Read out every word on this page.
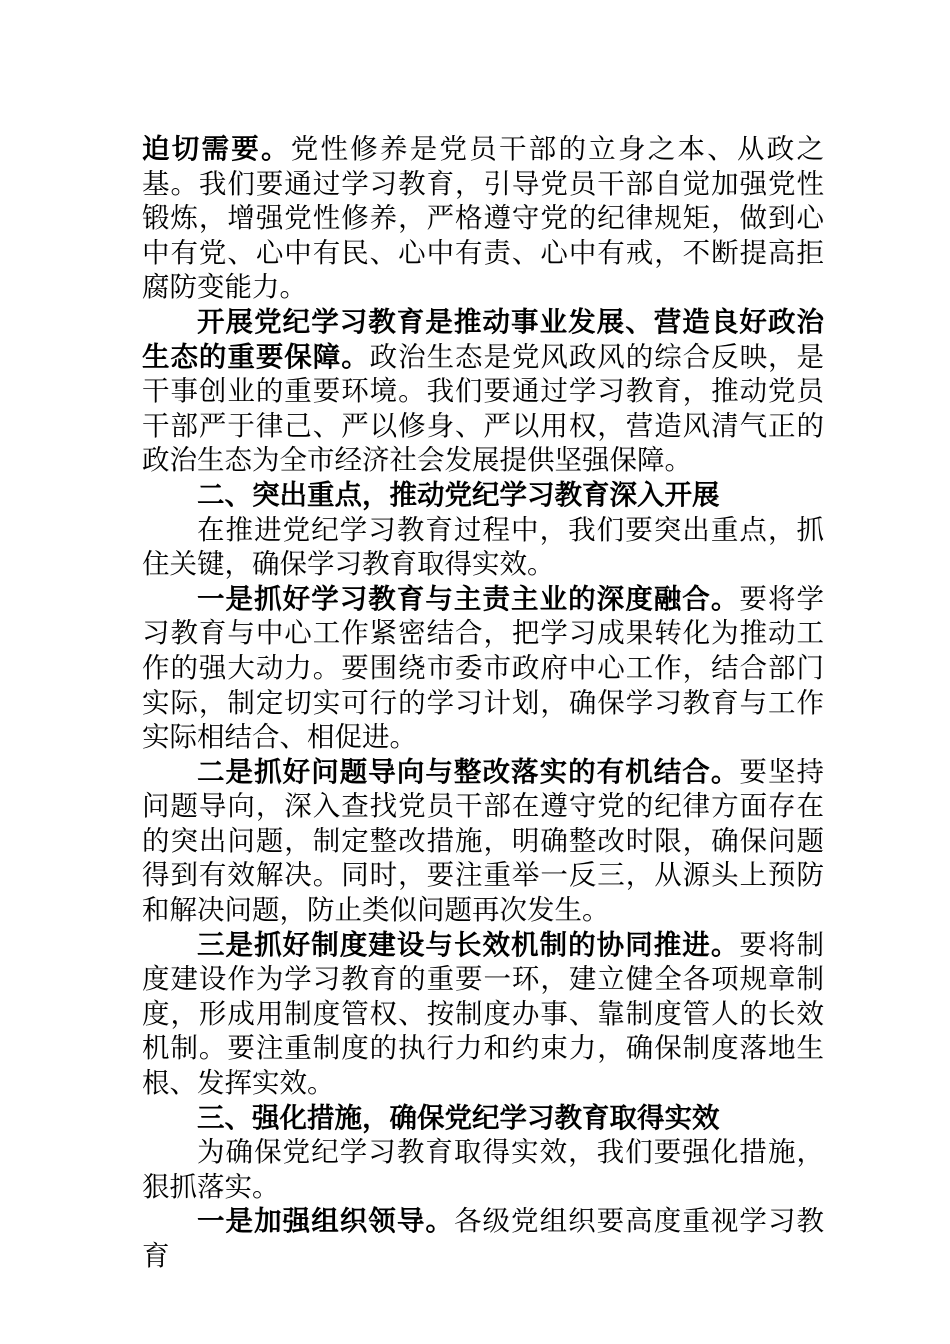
迫切需要。党性修养是党员干部的立身之本、从政之基。我们要通过学习教育，引导党员干部自觉加强党性锻炼，增强党性修养，严格遵守党的纪律规矩，做到心中有党、心中有民、心中有责、心中有戒，不断提高拒腐防变能力。

开展党纪学习教育是推动事业发展、营造良好政治生态的重要保障。政治生态是党风政风的综合反映，是干事创业的重要环境。我们要通过学习教育，推动党员干部严于律己、严以修身、严以用权，营造风清气正的政治生态为全市经济社会发展提供坚强保障。

二、突出重点，推动党纪学习教育深入开展

在推进党纪学习教育过程中，我们要突出重点，抓住关键，确保学习教育取得实效。

一是抓好学习教育与主责主业的深度融合。要将学习教育与中心工作紧密结合，把学习成果转化为推动工作的强大动力。要围绕市委市政府中心工作，结合部门实际，制定切实可行的学习计划，确保学习教育与工作实际相结合、相促进。

二是抓好问题导向与整改落实的有机结合。要坚持问题导向，深入查找党员干部在遵守党的纪律方面存在的突出问题，制定整改措施，明确整改时限，确保问题得到有效解决。同时，要注重举一反三，从源头上预防和解决问题，防止类似问题再次发生。

三是抓好制度建设与长效机制的协同推进。要将制度建设作为学习教育的重要一环，建立健全各项规章制度，形成用制度管权、按制度办事、靠制度管人的长效机制。要注重制度的执行力和约束力，确保制度落地生根、发挥实效。

三、强化措施，确保党纪学习教育取得实效

为确保党纪学习教育取得实效，我们要强化措施，狠抓落实。

一是加强组织领导。各级党组织要高度重视学习教育
